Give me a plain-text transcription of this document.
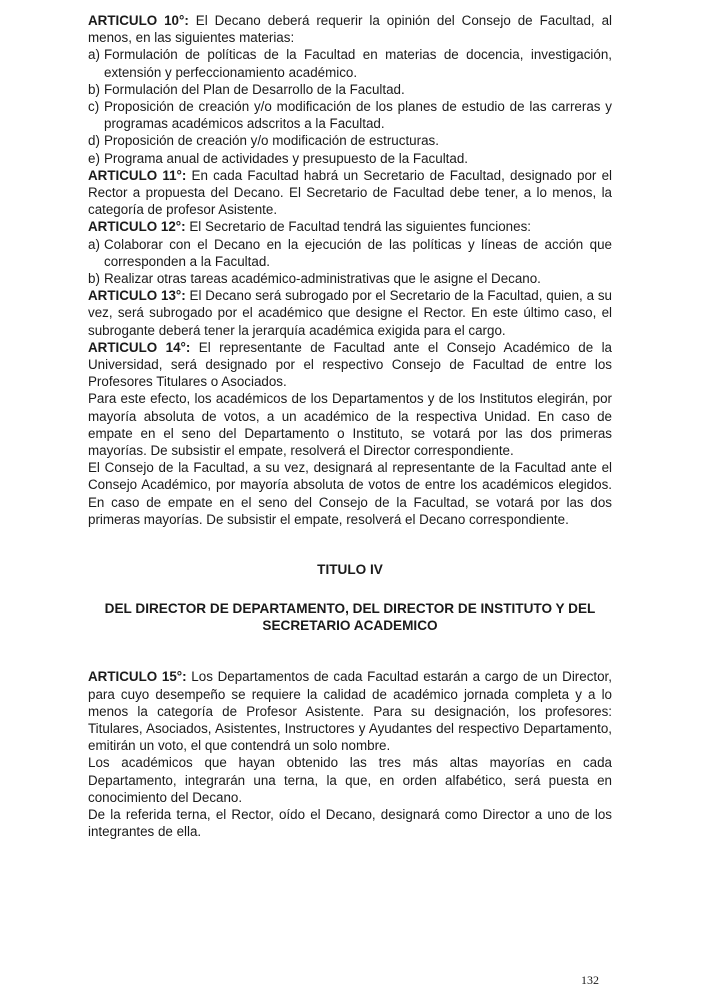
ARTICULO 10°: El Decano deberá requerir la opinión del Consejo de Facultad, al menos, en las siguientes materias:

a) Formulación de políticas de la Facultad en materias de docencia, investigación, extensión y perfeccionamiento académico.
b) Formulación del Plan de Desarrollo de la Facultad.
c) Proposición de creación y/o modificación de los planes de estudio de las carreras y programas académicos adscritos a la Facultad.
d) Proposición de creación y/o modificación de estructuras.
e) Programa anual de actividades y presupuesto de la Facultad.

ARTICULO 11°: En cada Facultad habrá un Secretario de Facultad, designado por el Rector a propuesta del Decano. El Secretario de Facultad debe tener, a lo menos, la categoría de profesor Asistente.

ARTICULO 12°: El Secretario de Facultad tendrá las siguientes funciones:

a) Colaborar con el Decano en la ejecución de las políticas y líneas de acción que corresponden a la Facultad.
b) Realizar otras tareas académico-administrativas que le asigne el Decano.

ARTICULO 13°: El Decano será subrogado por el Secretario de la Facultad, quien, a su vez, será subrogado por el académico que designe el Rector. En este último caso, el subrogante deberá tener la jerarquía académica exigida para el cargo.

ARTICULO 14°: El representante de Facultad ante el Consejo Académico de la Universidad, será designado por el respectivo Consejo de Facultad de entre los Profesores Titulares o Asociados.

Para este efecto, los académicos de los Departamentos y de los Institutos elegirán, por mayoría absoluta de votos, a un académico de la respectiva Unidad. En caso de empate en el seno del Departamento o Instituto, se votará por las dos primeras mayorías. De subsistir el empate, resolverá el Director correspondiente.

El Consejo de la Facultad, a su vez, designará al representante de la Facultad ante el Consejo Académico, por mayoría absoluta de votos de entre los académicos elegidos. En caso de empate en el seno del Consejo de la Facultad, se votará por las dos primeras mayorías. De subsistir el empate, resolverá el Decano correspondiente.

TITULO IV

DEL DIRECTOR DE DEPARTAMENTO, DEL DIRECTOR DE INSTITUTO Y DEL SECRETARIO ACADEMICO

ARTICULO 15°: Los Departamentos de cada Facultad estarán a cargo de un Director, para cuyo desempeño se requiere la calidad de académico jornada completa y a lo menos la categoría de Profesor Asistente. Para su designación, los profesores: Titulares, Asociados, Asistentes, Instructores y Ayudantes del respectivo Departamento, emitirán un voto, el que contendrá un solo nombre.

Los académicos que hayan obtenido las tres más altas mayorías en cada Departamento, integrarán una terna, la que, en orden alfabético, será puesta en conocimiento del Decano.

De la referida terna, el Rector, oído el Decano, designará como Director a uno de los integrantes de ella.

132
